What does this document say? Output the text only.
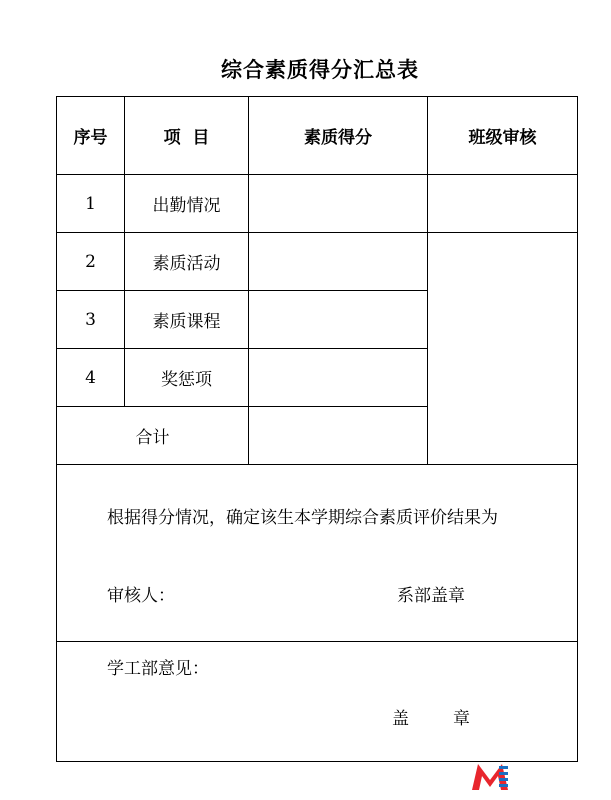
综合素质得分汇总表
序号	项  目	素质得分	班级审核
1	出勤情况		
2	素质活动		
3	素质课程		
4	奖惩项		
合计			

根据得分情况，确定该生本学期综合素质评价结果为
审核人： 系部盖章			

学工部意见：
盖 章			
